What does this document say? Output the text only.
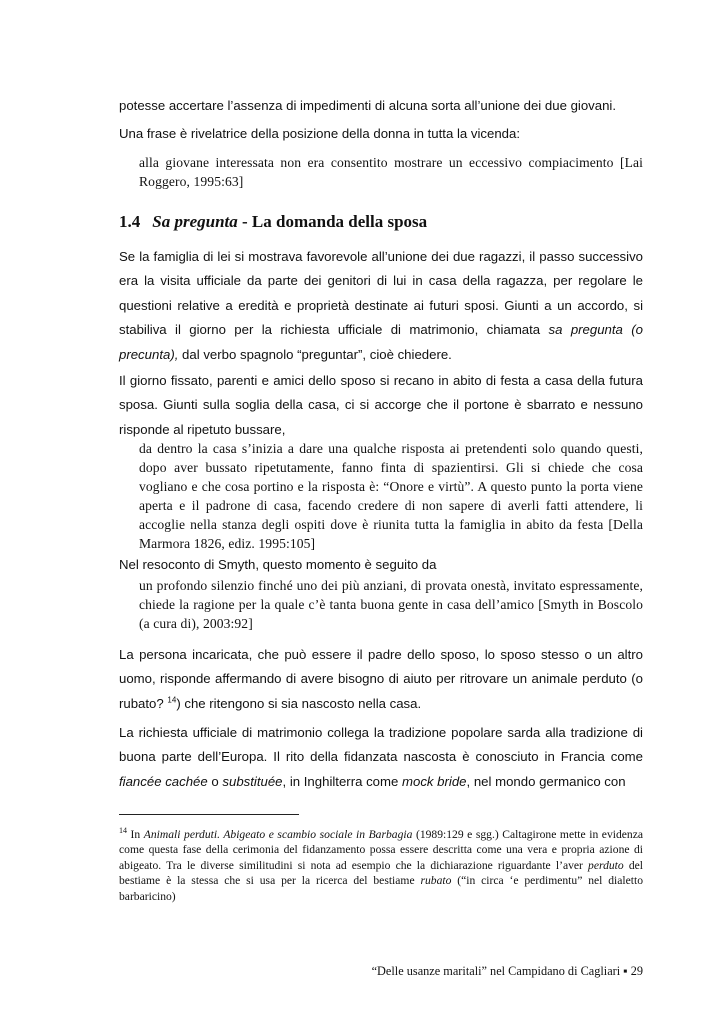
potesse accertare l’assenza di impedimenti di alcuna sorta all’unione dei due giovani.

Una frase è rivelatrice della posizione della donna in tutta la vicenda:

alla giovane interessata non era consentito mostrare un eccessivo compiacimento [Lai Roggero, 1995:63]

1.4 Sa pregunta - La domanda della sposa

Se la famiglia di lei si mostrava favorevole all’unione dei due ragazzi, il passo successivo era la visita ufficiale da parte dei genitori di lui in casa della ragazza, per regolare le questioni relative a eredità e proprietà destinate ai futuri sposi. Giunti a un accordo, si stabiliva il giorno per la richiesta ufficiale di matrimonio, chiamata sa pregunta (o precunta), dal verbo spagnolo “preguntar”, cioè chiedere.

Il giorno fissato, parenti e amici dello sposo si recano in abito di festa a casa della futura sposa. Giunti sulla soglia della casa, ci si accorge che il portone è sbarrato e nessuno risponde al ripetuto bussare,

da dentro la casa s’inizia a dare una qualche risposta ai pretendenti solo quando questi, dopo aver bussato ripetutamente, fanno finta di spazientirsi. Gli si chiede che cosa vogliano e che cosa portino e la risposta è: “Onore e virtù”. A questo punto la porta viene aperta e il padrone di casa, facendo credere di non sapere di averli fatti attendere, li accoglie nella stanza degli ospiti dove è riunita tutta la famiglia in abito da festa [Della Marmora 1826, ediz. 1995:105]

Nel resoconto di Smyth, questo momento è seguito da

un profondo silenzio finché uno dei più anziani, di provata onestà, invitato espressamente, chiede la ragione per la quale c’è tanta buona gente in casa dell’amico [Smyth in Boscolo (a cura di), 2003:92]

La persona incaricata, che può essere il padre dello sposo, lo sposo stesso o un altro uomo, risponde affermando di avere bisogno di aiuto per ritrovare un animale perduto (o rubato? $^{14}$) che ritengono si sia nascosto nella casa.

La richiesta ufficiale di matrimonio collega la tradizione popolare sarda alla tradizione di buona parte dell’Europa. Il rito della fidanzata nascosta è conosciuto in Francia come fiancée cachée o substituée, in Inghilterra come mock bride, nel mondo germanico con

$^{14}$ In Animali perduti. Abigeato e scambio sociale in Barbagia (1989:129 e sgg.) Caltagirone mette in evidenza come questa fase della cerimonia del fidanzamento possa essere descritta come una vera e propria azione di abigeato. Tra le diverse similitudini si nota ad esempio che la dichiarazione riguardante l’aver perduto del bestiame è la stessa che si usa per la ricerca del bestiame rubato (“in circa ‘e perdimentu” nel dialetto barbaricino)

“Delle usanze maritali” nel Campidano di Cagliari ▪ 29
